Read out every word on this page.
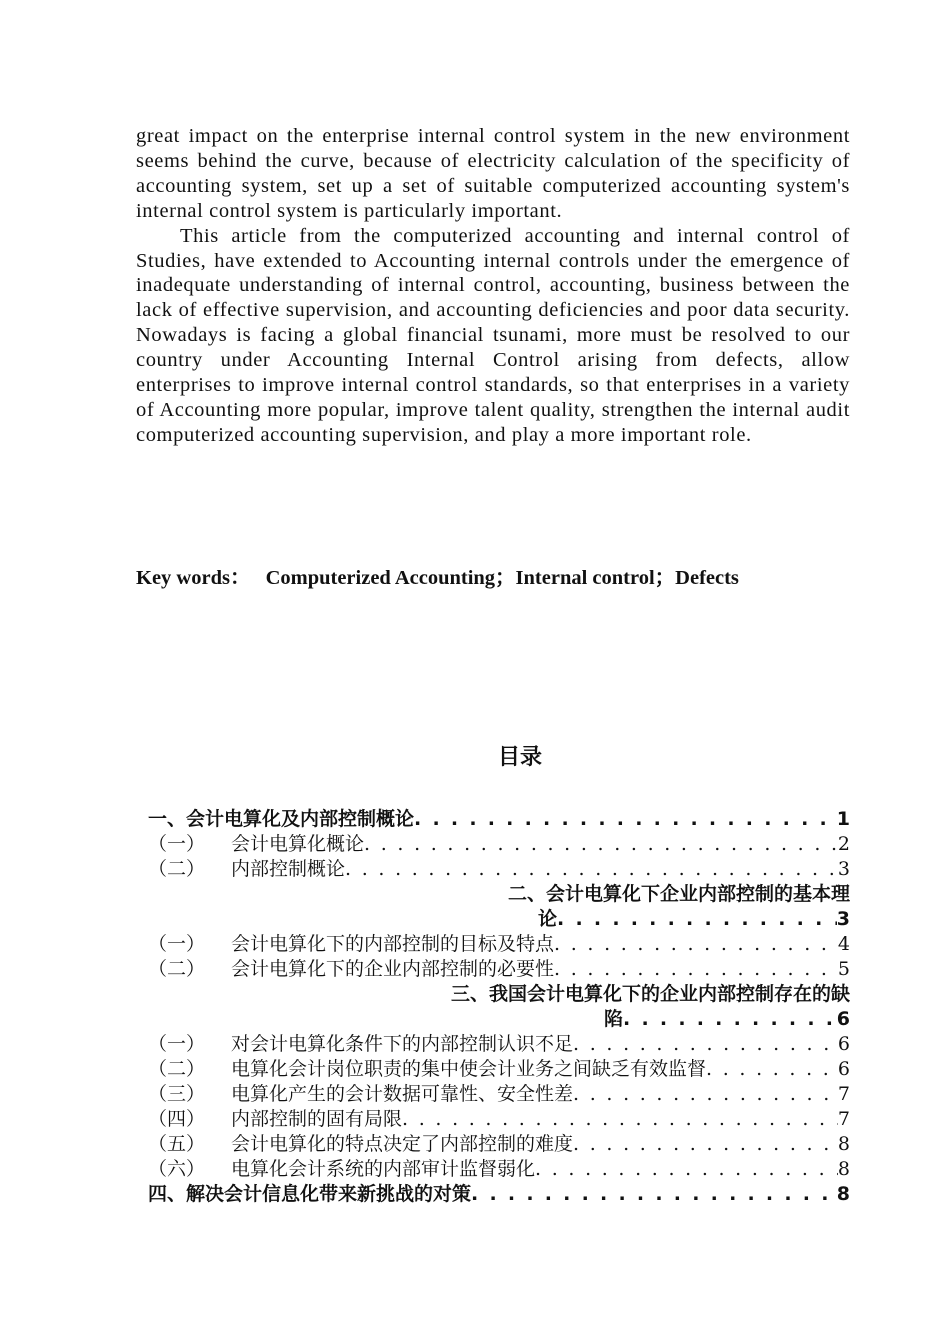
great impact on the enterprise internal control system in the new environment seems behind the curve, because of electricity calculation of the specificity of accounting system, set up a set of suitable computerized accounting system's internal control system is particularly important.

This article from the computerized accounting and internal control of Studies, have extended to Accounting internal controls under the emergence of inadequate understanding of internal control, accounting, business between the lack of effective supervision, and accounting deficiencies and poor data security. Nowadays is facing a global financial tsunami, more must be resolved to our country under Accounting Internal Control arising from defects, allow enterprises to improve internal control standards, so that enterprises in a variety of Accounting more popular, improve talent quality, strengthen the internal audit computerized accounting supervision, and play a more important role.

Key words： Computerized Accounting；Internal control；Defects
目录
一、会计电算化及内部控制概论 . . .	1
（一） 会计电算化概论 . . .	2
（二） 内部控制概论 . . .	3
二、会计电算化下企业内部控制的基本理
论 . . .	3
（一） 会计电算化下的内部控制的目标及特点 . . .	4
（二） 会计电算化下的企业内部控制的必要性 . . .	5
三、我国会计电算化下的企业内部控制存在的缺
陷 . . .	6
（一） 对会计电算化条件下的内部控制认识不足 . . .	6
（二） 电算化会计岗位职责的集中使会计业务之间缺乏有效监督 . . .	6
（三） 电算化产生的会计数据可靠性、安全性差 . . .	7
（四） 内部控制的固有局限 . . .	7
（五） 会计电算化的特点决定了内部控制的难度 . . .	8
（六） 电算化会计系统的内部审计监督弱化 . . .	8
四、解决会计信息化带来新挑战的对策 . . .	8
